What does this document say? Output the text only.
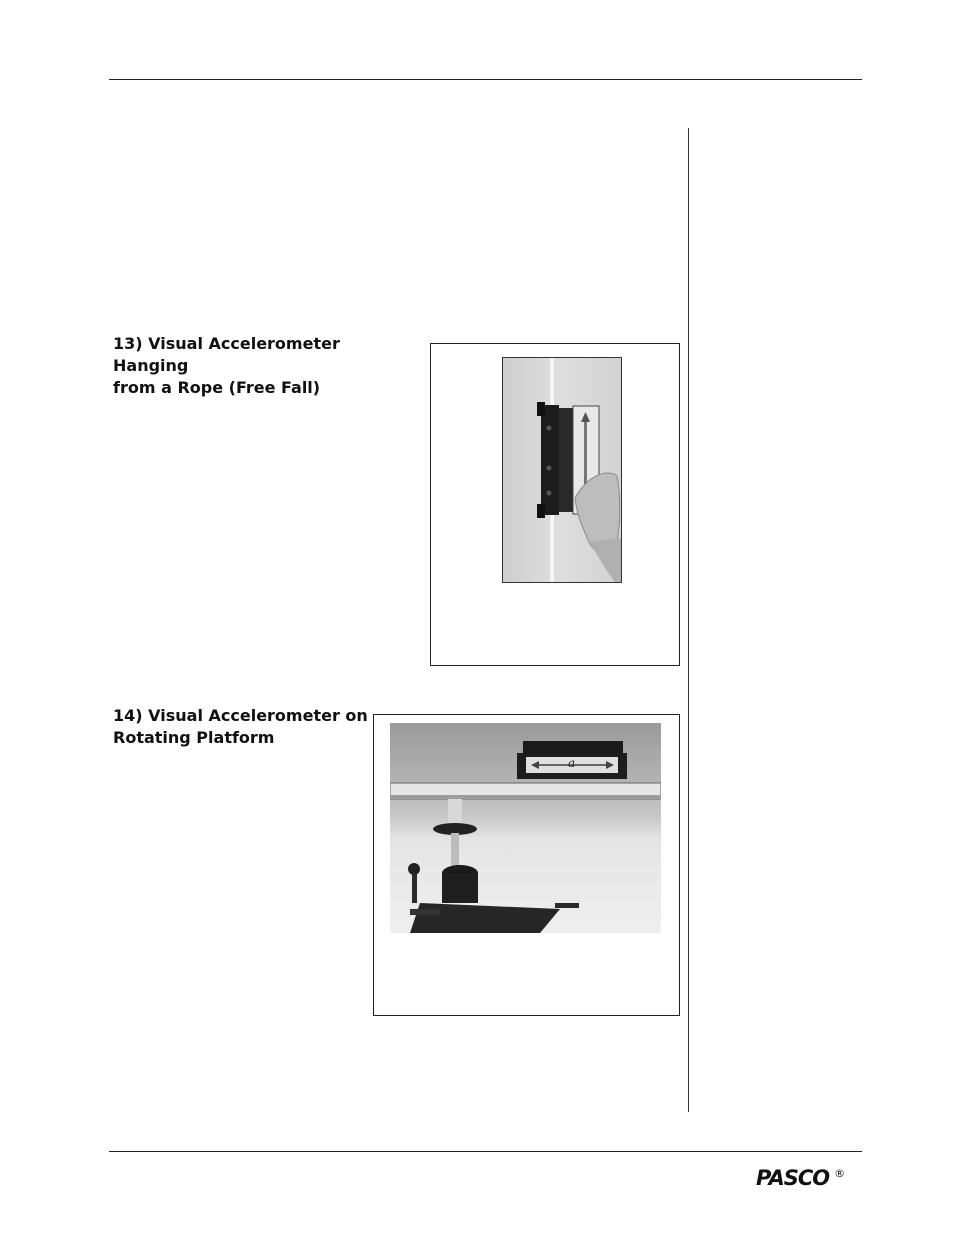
13) Visual Accelerometer Hanging
from a Rope (Free Fall)

14) Visual Accelerometer on
Rotating Platform

a
PASCO ®
